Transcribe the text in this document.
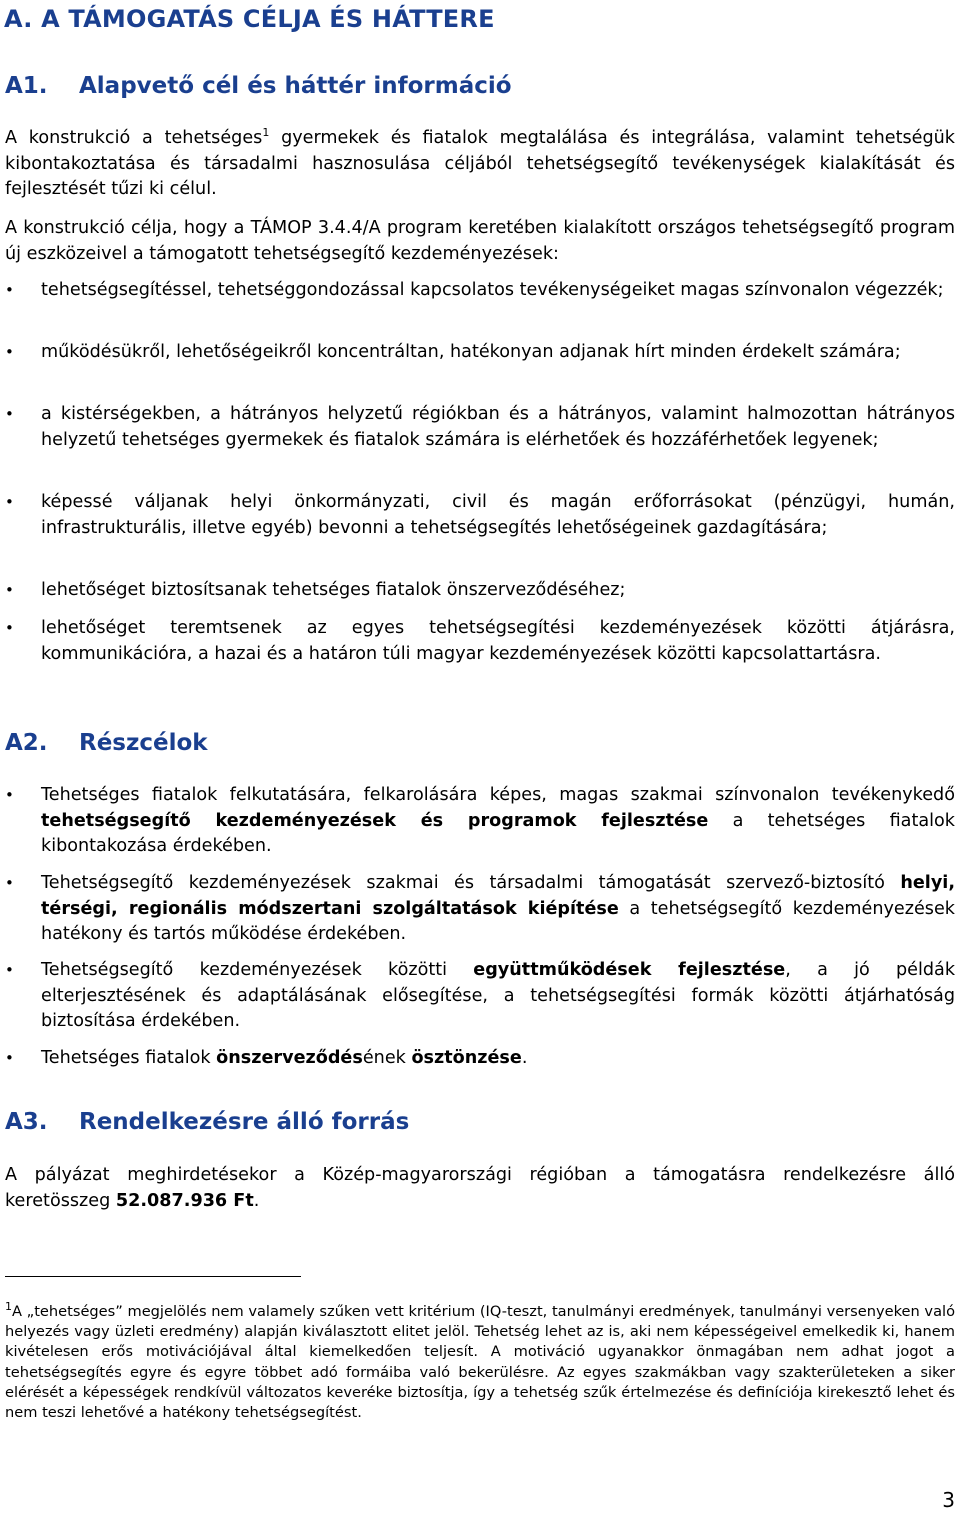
A. A TÁMOGATÁS CÉLJA ÉS HÁTTERE
A1. Alapvető cél és háttér információ

A konstrukció a tehetséges$^1$ gyermekek és fiatalok megtalálása és integrálása, valamint tehetségük kibontakoztatása és társadalmi hasznosulása céljából tehetségsegítő tevékenységek kialakítását és fejlesztését tűzi ki célul.

A konstrukció célja, hogy a TÁMOP 3.4.4/A program keretében kialakított országos tehetségsegítő program új eszközeivel a támogatott tehetségsegítő kezdeményezések:

•	tehetségsegítéssel, tehetséggondozással kapcsolatos tevékenységeiket magas színvonalon végezzék;
•	működésükről, lehetőségeikről koncentráltan, hatékonyan adjanak hírt minden érdekelt számára;
•	a kistérségekben, a hátrányos helyzetű régiókban és a hátrányos, valamint halmozottan hátrányos helyzetű tehetséges gyermekek és fiatalok számára is elérhetőek és hozzáférhetőek legyenek;
•	képessé váljanak helyi önkormányzati, civil és magán erőforrásokat (pénzügyi, humán, infrastrukturális, illetve egyéb) bevonni a tehetségsegítés lehetőségeinek gazdagítására;
•	lehetőséget biztosítsanak tehetséges fiatalok önszerveződéséhez;
•	lehetőséget teremtsenek az egyes tehetségsegítési kezdeményezések közötti átjárásra, kommunikációra, a hazai és a határon túli magyar kezdeményezések közötti kapcsolattartásra.
A2. Részcélok
•	Tehetséges fiatalok felkutatására, felkarolására képes, magas szakmai színvonalon tevékenykedő tehetségsegítő kezdeményezések és programok fejlesztése a tehetséges fiatalok kibontakozása érdekében.
•	Tehetségsegítő kezdeményezések szakmai és társadalmi támogatását szervező-biztosító helyi, térségi, regionális módszertani szolgáltatások kiépítése a tehetségsegítő kezdeményezések hatékony és tartós működése érdekében.
•	Tehetségsegítő kezdeményezések közötti együttműködések fejlesztése, a jó példák elterjesztésének és adaptálásának elősegítése, a tehetségsegítési formák közötti átjárhatóság biztosítása érdekében.
•	Tehetséges fiatalok önszerveződésének ösztönzése.
A3. Rendelkezésre álló forrás

A pályázat meghirdetésekor a Közép-magyarországi régióban a támogatásra rendelkezésre álló keretösszeg 52.087.936 Ft.

$^1$A „tehetséges” megjelölés nem valamely szűken vett kritérium (IQ-teszt, tanulmányi eredmények, tanulmányi versenyeken való helyezés vagy üzleti eredmény) alapján kiválasztott elitet jelöl. Tehetség lehet az is, aki nem képességeivel emelkedik ki, hanem kivételesen erős motivációjával által kiemelkedően teljesít. A motiváció ugyanakkor önmagában nem adhat jogot a tehetségsegítés egyre és egyre többet adó formáiba való bekerülésre. Az egyes szakmákban vagy szakterületeken a siker elérését a képességek rendkívül változatos keveréke biztosítja, így a tehetség szűk értelmezése és definíciója kirekesztő lehet és nem teszi lehetővé a hatékony tehetségsegítést.

3
